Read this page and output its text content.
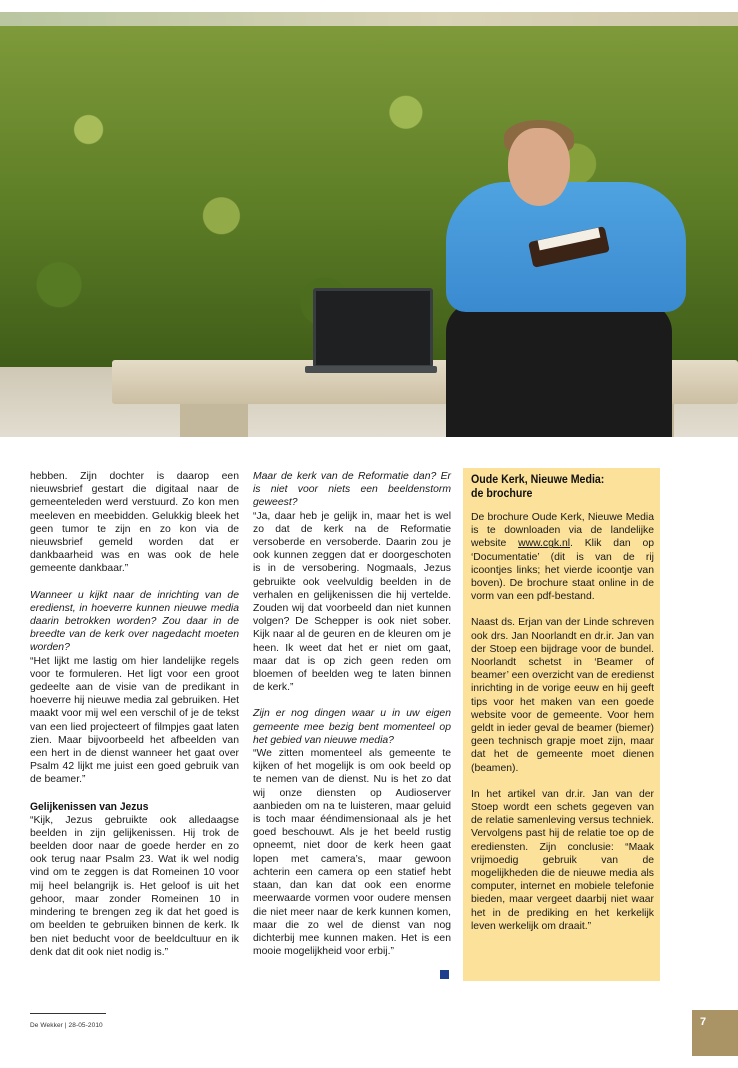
hebben. Zijn dochter is daarop een nieuwsbrief gestart die digitaal naar de gemeenteleden werd verstuurd. Zo kon men meeleven en meebidden. Gelukkig bleek het geen tumor te zijn en zo kon via de nieuwsbrief gemeld worden dat er dankbaarheid was en was ook de hele gemeente dankbaar.”

Wanneer u kijkt naar de inrichting van de eredienst, in hoeverre kunnen nieuwe media daarin betrokken worden? Zou daar in de breedte van de kerk over nagedacht moeten worden?

“Het lijkt me lastig om hier landelijke regels voor te formuleren. Het ligt voor een groot gedeelte aan de visie van de predikant in hoeverre hij nieuwe media zal gebruiken. Het maakt voor mij wel een verschil of je de tekst van een lied projecteert of filmpjes gaat laten zien. Maar bijvoorbeeld het afbeelden van een hert in de dienst wanneer het gaat over Psalm 42 lijkt me juist een goed gebruik van de beamer.”

Gelijkenissen van Jezus

“Kijk, Jezus gebruikte ook alledaagse beelden in zijn gelijkenissen. Hij trok de beelden door naar de goede herder en zo ook terug naar Psalm 23. Wat ik wel nodig vind om te zeggen is dat Romeinen 10 voor mij heel belangrijk is. Het geloof is uit het gehoor, maar zonder Romeinen 10 in mindering te brengen zeg ik dat het goed is om beelden te gebruiken binnen de kerk. Ik ben niet beducht voor de beeldcultuur en ik denk dat dit ook niet nodig is.”

Maar de kerk van de Reformatie dan? Er is niet voor niets een beeldenstorm geweest?

“Ja, daar heb je gelijk in, maar het is wel zo dat de kerk na de Reformatie versoberde en versoberde. Daarin zou je ook kunnen zeggen dat er doorgeschoten is in de versobering. Nogmaals, Jezus gebruikte ook veelvuldig beelden in de verhalen en gelijkenissen die hij vertelde. Zouden wij dat voorbeeld dan niet kunnen volgen? De Schepper is ook niet sober. Kijk naar al de geuren en de kleuren om je heen. Ik weet dat het er niet om gaat, maar dat is op zich geen reden om bloemen of beelden weg te laten binnen de kerk.”

Zijn er nog dingen waar u in uw eigen gemeente mee bezig bent momenteel op het gebied van nieuwe media?

“We zitten momenteel als gemeente te kijken of het mogelijk is om ook beeld op te nemen van de dienst. Nu is het zo dat wij onze diensten op Audioserver aanbieden om na te luisteren, maar geluid is toch maar ééndimensionaal als je het goed beschouwt. Als je het beeld rustig opneemt, niet door de kerk heen gaat lopen met camera’s, maar gewoon achterin een camera op een statief hebt staan, dan kan dat ook een enorme meerwaarde vormen voor oudere mensen die niet meer naar de kerk kunnen komen, maar die zo wel de dienst van nog dichterbij mee kunnen maken. Het is een mooie mogelijkheid voor erbij.”

Oude Kerk, Nieuwe Media:
de brochure

De brochure Oude Kerk, Nieuwe Media is te downloaden via de landelijke website www.cgk.nl. Klik dan op ‘Documentatie’ (dit is van de rij icoontjes links; het vierde icoontje van boven). De brochure staat online in de vorm van een pdf-bestand.

Naast ds. Erjan van der Linde schreven ook drs. Jan Noorlandt en dr.ir. Jan van der Stoep een bijdrage voor de bundel. Noorlandt schetst in ‘Beamer of beamer’ een overzicht van de eredienst inrichting in de vorige eeuw en hij geeft tips voor het maken van een goede website voor de gemeente. Voor hem geldt in ieder geval de beamer (biemer) geen technisch grapje moet zijn, maar dat het de gemeente moet dienen (beamen).

In het artikel van dr.ir. Jan van der Stoep wordt een schets gegeven van de relatie samenleving versus techniek. Vervolgens past hij de relatie toe op de erediensten. Zijn conclusie: “Maak vrijmoedig gebruik van de mogelijkheden die de nieuwe media als computer, internet en mobiele telefonie bieden, maar vergeet daarbij niet waar het in de prediking en het kerkelijk leven werkelijk om draait.”

De Wekker | 28-05-2010	7
